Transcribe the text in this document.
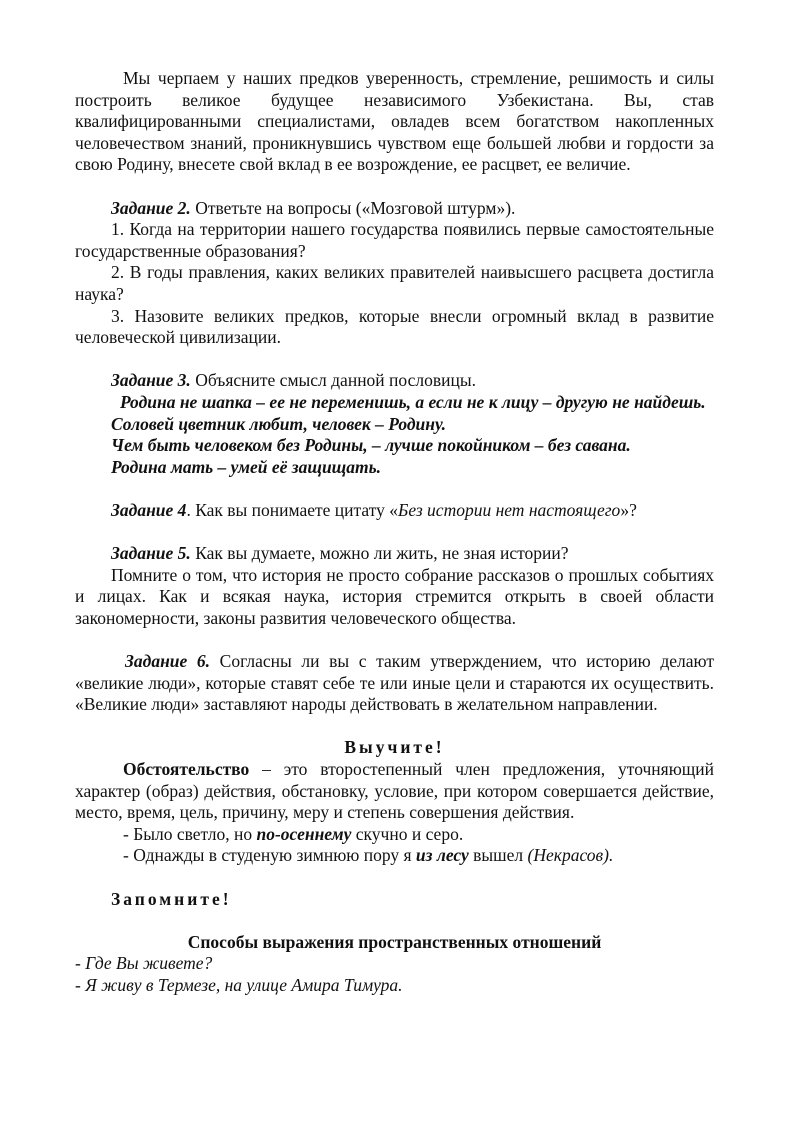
Мы черпаем у наших предков уверенность, стремление, решимость и силы построить великое будущее независимого Узбекистана. Вы, став квалифицированными специалистами, овладев всем богатством накопленных человечеством знаний, проникнувшись чувством еще большей любви и гордости за свою Родину, внесете свой вклад в ее возрождение, ее расцвет, ее величие.

Задание 2. Ответьте на вопросы («Мозговой штурм»).

1. Когда на территории нашего государства появились первые самостоятельные государственные образования?

2. В годы правления, каких великих правителей наивысшего расцвета достигла наука?

3. Назовите великих предков, которые внесли огромный вклад в развитие человеческой цивилизации.

Задание 3. Объясните смысл данной пословицы.

Родина не шапка – ее не переменишь, а если не к лицу – другую не найдешь.

Соловей цветник любит, человек – Родину.

Чем быть человеком без Родины, – лучше покойником – без савана.

Родина мать – умей её защищать.

Задание 4. Как вы понимаете цитату «Без истории нет настоящего»?

Задание 5. Как вы думаете, можно ли жить, не зная истории?

Помните о том, что история не просто собрание рассказов о прошлых событиях и лицах. Как и всякая наука, история стремится открыть в своей области закономерности, законы развития человеческого общества.

Задание 6. Согласны ли вы с таким утверждением, что историю делают «великие люди», которые ставят себе те или иные цели и стараются их осуществить. «Великие люди» заставляют народы действовать в желательном направлении.

Выучите!

Обстоятельство – это второстепенный член предложения, уточняющий характер (образ) действия, обстановку, условие, при котором совершается действие, место, время, цель, причину, меру и степень совершения действия.

- Было светло, но по-осеннему скучно и серо.

- Однажды в студеную зимнюю пору я из лесу вышел (Некрасов).

Запомните!

Способы выражения пространственных отношений

- Где Вы живете?

- Я живу в Термезе, на улице Амира Тимура.
